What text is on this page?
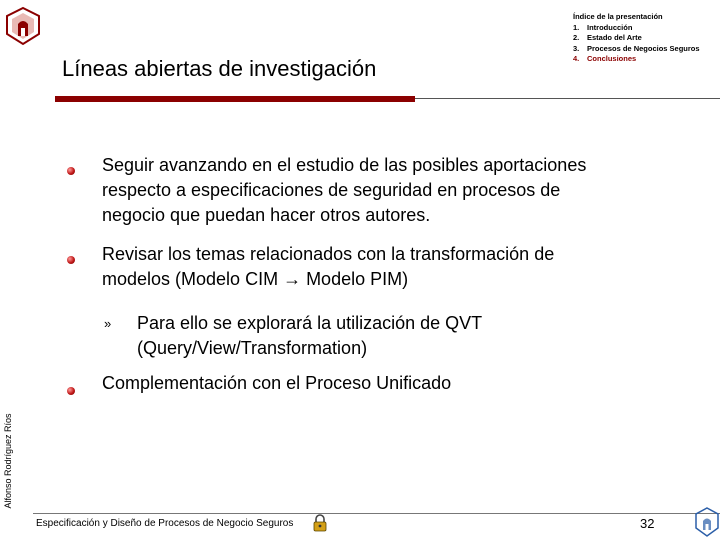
Líneas abiertas de investigación
Índice de la presentación
1.	Introducción
2.	Estado del Arte
3.	Procesos de Negocios Seguros
4.	Conclusiones
Seguir avanzando en el estudio de las posibles aportaciones
respecto a especificaciones de seguridad en procesos de
negocio que puedan hacer otros autores.
Revisar los temas relacionados con la transformación de
modelos (Modelo CIM → Modelo PIM)
» Para ello se explorará la utilización de QVT
(Query/View/Transformation)
Complementación con el Proceso Unificado
Alfonso Rodríguez Ríos
Especificación y Diseño de Procesos de Negocio Seguros	32
